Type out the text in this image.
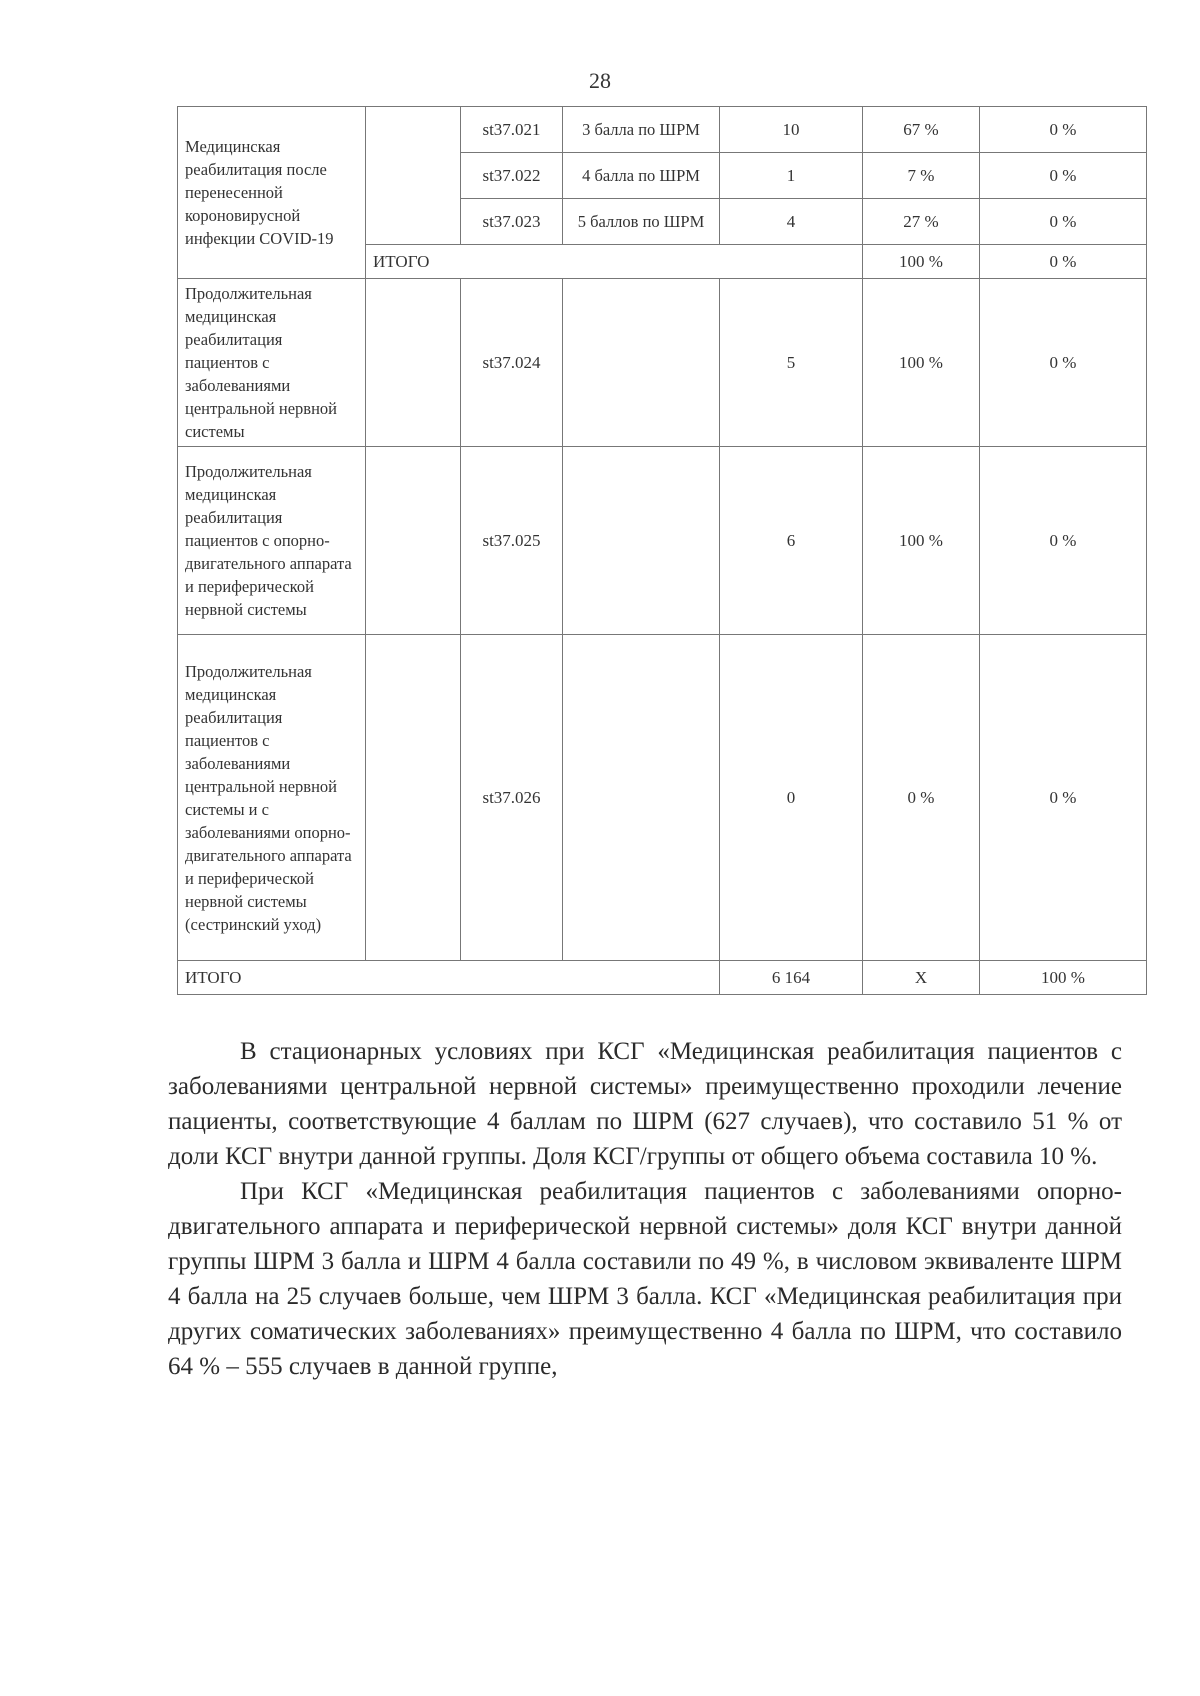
28
Медицинская реабилитация после перенесенной короновирусной инфекции COVID-19		st37.021	3 балла по ШРМ	10	67 %	0 %
		st37.022	4 балла по ШРМ	1	7 %	0 %
		st37.023	5 баллов по ШРМ	4	27 %	0 %
	ИТОГО				100 %	0 %
Продолжительная медицинская реабилитация пациентов с заболеваниями центральной нервной системы		st37.024		5	100 %	0 %
Продолжительная медицинская реабилитация пациентов с опорно-двигательного аппарата и периферической нервной системы		st37.025		6	100 %	0 %
Продолжительная медицинская реабилитация пациентов с заболеваниями центральной нервной системы и с заболеваниями опорно-двигательного аппарата и периферической нервной системы (сестринский уход)		st37.026		0	0 %	0 %
ИТОГО				6 164	Х	100 %

В стационарных условиях при КСГ «Медицинская реабилитация пациентов с заболеваниями центральной нервной системы» преимущественно проходили лечение пациенты, соответствующие 4 баллам по ШРМ (627 случаев), что составило 51 % от доли КСГ внутри данной группы. Доля КСГ/группы от общего объема составила 10 %.

При КСГ «Медицинская реабилитация пациентов с заболеваниями опорно-двигательного аппарата и периферической нервной системы» доля КСГ внутри данной группы ШРМ 3 балла и ШРМ 4 балла составили по 49 %, в числовом эквиваленте ШРМ 4 балла на 25 случаев больше, чем ШРМ 3 балла. КСГ «Медицинская реабилитация при других соматических заболеваниях» преимущественно 4 балла по ШРМ, что составило 64 % – 555 случаев в данной группе,
